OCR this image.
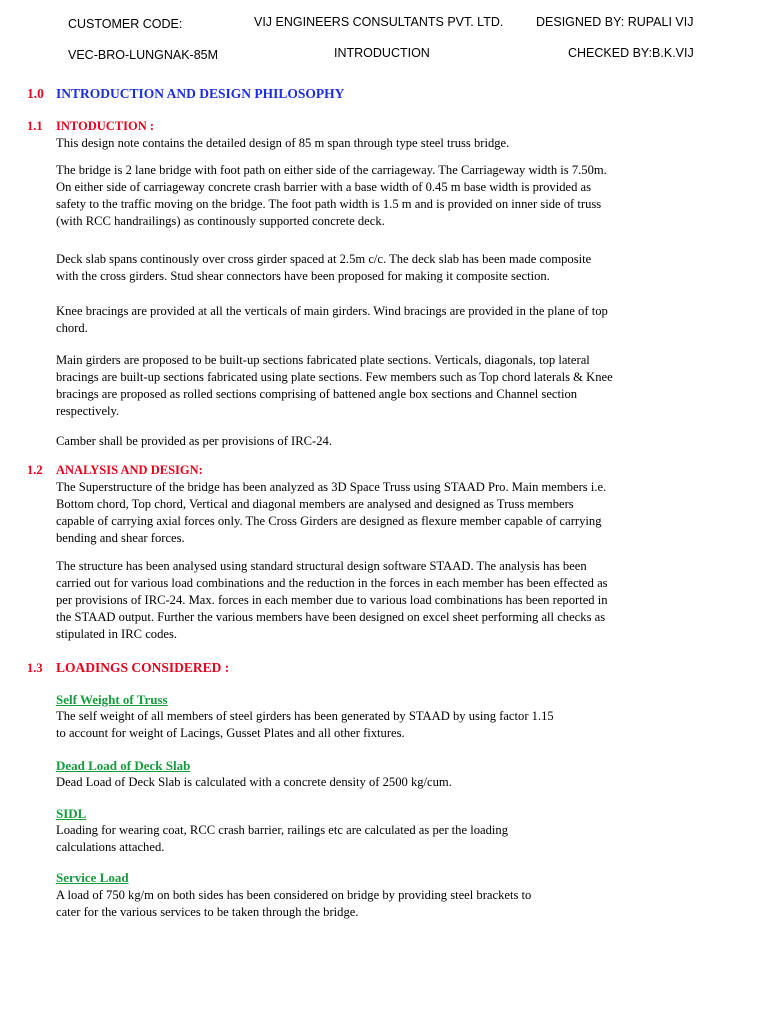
CUSTOMER CODE:	VIJ ENGINEERS CONSULTANTS PVT. LTD.	DESIGNED BY: RUPALI VIJ
VEC-BRO-LUNGNAK-85M	INTRODUCTION	CHECKED BY:B.K.VIJ
1.0 INTRODUCTION AND DESIGN PHILOSOPHY
1.1 INTODUCTION :
This design note contains the detailed design of 85 m span through type steel truss bridge.
The bridge is 2 lane bridge with foot path on either side of the carriageway. The Carriageway width is 7.50m.
On either side of carriageway concrete crash barrier with a base width of 0.45 m base width is provided as
safety to the traffic moving on the bridge. The foot path width is 1.5 m and is provided on inner side of truss
(with RCC handrailings) as continously supported concrete deck.
Deck slab spans continously over cross girder spaced at 2.5m c/c. The deck slab has been made composite
with the cross girders. Stud shear connectors have been proposed for making it composite section.
Knee bracings are provided at all the verticals of main girders. Wind bracings are provided in the plane of top
chord.
Main girders are proposed to be built-up sections fabricated plate sections. Verticals, diagonals, top lateral
bracings are built-up sections fabricated using plate sections. Few members such as Top chord laterals & Knee
bracings are proposed as rolled sections comprising of battened angle box sections and Channel section
respectively.
Camber shall be provided as per provisions of IRC-24.
1.2 ANALYSIS AND DESIGN:
The Superstructure of the bridge has been analyzed as 3D Space Truss using STAAD Pro. Main members i.e.
Bottom chord, Top chord, Vertical and diagonal members are analysed and designed as Truss members
capable of carrying axial forces only. The Cross Girders are designed as flexure member capable of carrying
bending and shear forces.
The structure has been analysed using standard structural design software STAAD. The analysis has been
carried out for various load combinations and the reduction in the forces in each member has been effected as
per provisions of IRC-24. Max. forces in each member due to various load combinations has been reported in
the STAAD output. Further the various members have been designed on excel sheet performing all checks as
stipulated in IRC codes.
1.3 LOADINGS CONSIDERED :
Self Weight of Truss
The self weight of all members of steel girders has been generated by STAAD by using factor 1.15
to account for weight of Lacings, Gusset Plates and all other fixtures.
Dead Load of Deck Slab
Dead Load of Deck Slab is calculated with a concrete density of 2500 kg/cum.
SIDL
Loading for wearing coat, RCC crash barrier, railings etc are calculated as per the loading
calculations attached.
Service Load
A load of 750 kg/m on both sides has been considered on bridge by providing steel brackets to
cater for the various services to be taken through the bridge.
